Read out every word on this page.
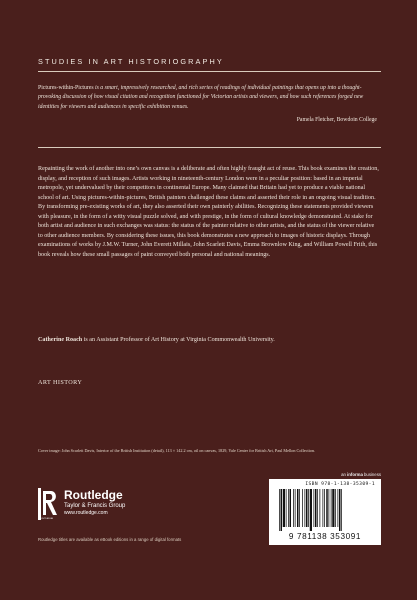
STUDIES IN ART HISTORIOGRAPHY

Pictures-within-Pictures is a smart, impressively researched, and rich series of readings of individual paintings that opens up into a thought-provoking discussion of how visual citation and recognition functioned for Victorian artists and viewers, and how such references forged new identities for viewers and audiences in specific exhibition venues.

Pamela Fletcher, Bowdoin College

Repainting the work of another into one’s own canvas is a deliberate and often highly fraught act of reuse. This book examines the creation, display, and reception of such images. Artists working in nineteenth-century London were in a peculiar position: based in an imperial metropole, yet undervalued by their competitors in continental Europe. Many claimed that Britain had yet to produce a viable national school of art. Using pictures-within-pictures, British painters challenged these claims and asserted their role in an ongoing visual tradition. By transforming pre-existing works of art, they also asserted their own painterly abilities. Recognizing these statements provided viewers with pleasure, in the form of a witty visual puzzle solved, and with prestige, in the form of cultural knowledge demonstrated. At stake for both artist and audience in such exchanges was status: the status of the painter relative to other artists, and the status of the viewer relative to other audience members. By considering these issues, this book demonstrates a new approach to images of historic displays. Through examinations of works by J.M.W. Turner, John Everett Millais, John Scarlett Davis, Emma Brownlow King, and William Powell Frith, this book reveals how these small passages of paint conveyed both personal and national meanings.

Catherine Roach is an Assistant Professor of Art History at Virginia Commonwealth University.

ART HISTORY

Cover image: John Scarlett Davis, Interior of the British Institution (detail), 113 × 142.2 cm, oil on canvas, 1829, Yale Center for British Art, Paul Mellon Collection.

an informa business
ROUTLEDGE
Routledge
Taylor & Francis Group
www.routledge.com
Routledge titles are available as eBook editions in a range of digital formats
ISBN 978-1-138-35309-1
9 781138 353091
